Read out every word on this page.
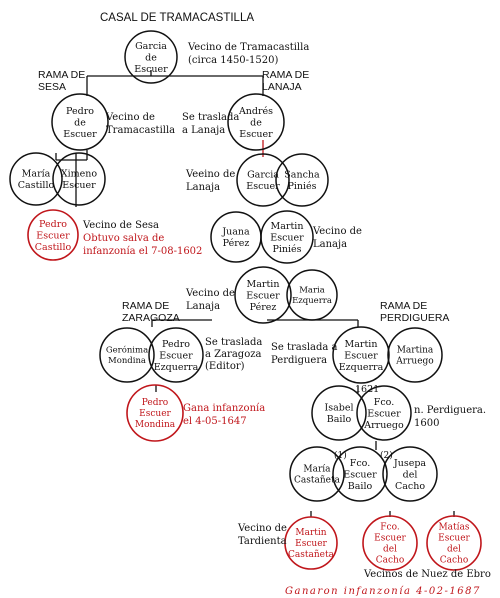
CASAL DE TRAMACASTILLA
RAMA DE SESA
RAMA DE LANAJA
RAMA DE ZARAGOZA
RAMA DE PERDIGUERA
Garcia de Escuer
Pedro de Escuer
Andrés de Escuer
María Castillo
Ximeno Escuer
Pedro Escuer Castillo
Garcia Escuer
Sancha Piniés
Juana Pérez
Martin Escuer Piniés
Martin Escuer Pérez
Maria Ezquerra
Gerónima Mondina
Pedro Escuer Ezquerra
Martin Escuer Ezquerra
Martina Arruego
Pedro Escuer Mondina
Isabel Bailo
Fco. Escuer Arruego
María Castañeta
Fco. Escuer Bailo
Jusepa del Cacho
Martin Escuer Castañeta
Fco. Escuer del Cacho
Matías Escuer del Cacho
Vecino de Tramacastilla (circa 1450-1520)
Vecino de Tramacastilla
Se traslada a Lanaja
Vecino de Sesa
Obtuvo salva de infanzonía el 7-08-1602
Veeino de Lanaja
Vecino de Lanaja
Vecino de Lanaja
Se traslada a Zaragoza (Editor)
Se traslada a Perdiguera
1621
Gana infanzonía el 4-05-1647
n. Perdiguera. 1600
(1)	(2)
Vecino de Tardienta
Vecinos de Nuez de Ebro
Ganaron infanzonía 4-02-1687
